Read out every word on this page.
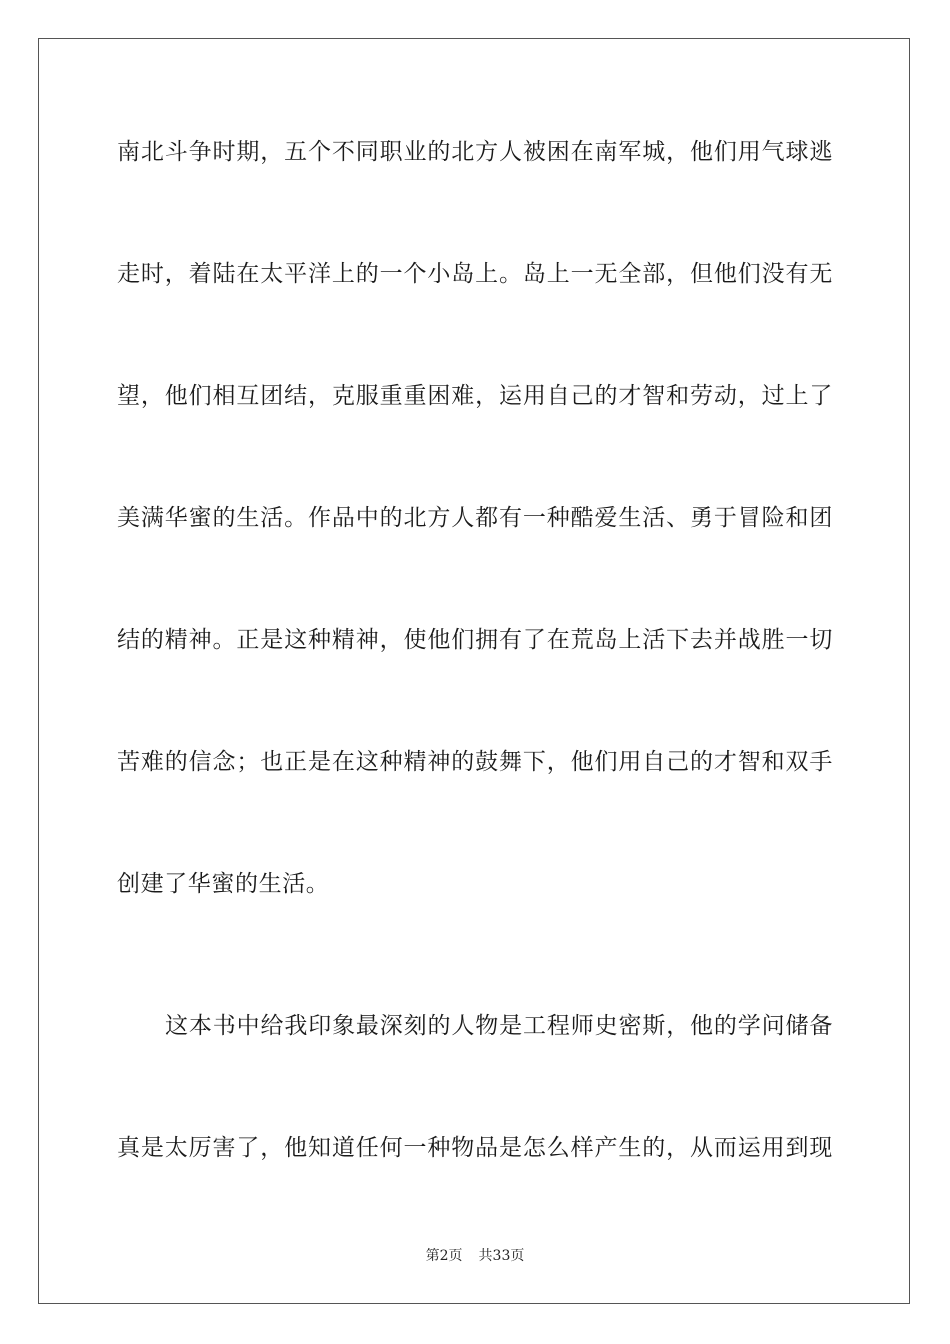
南北斗争时期，五个不同职业的北方人被困在南军城，他们用气球逃
走时，着陆在太平洋上的一个小岛上。岛上一无全部，但他们没有无
望，他们相互团结，克服重重困难，运用自己的才智和劳动，过上了
美满华蜜的生活。作品中的北方人都有一种酷爱生活、勇于冒险和团
结的精神。正是这种精神，使他们拥有了在荒岛上活下去并战胜一切
苦难的信念；也正是在这种精神的鼓舞下，他们用自己的才智和双手
创建了华蜜的生活。
这本书中给我印象最深刻的人物是工程师史密斯，他的学问储备
真是太厉害了，他知道任何一种物品是怎么样产生的，从而运用到现
第2页 共33页
